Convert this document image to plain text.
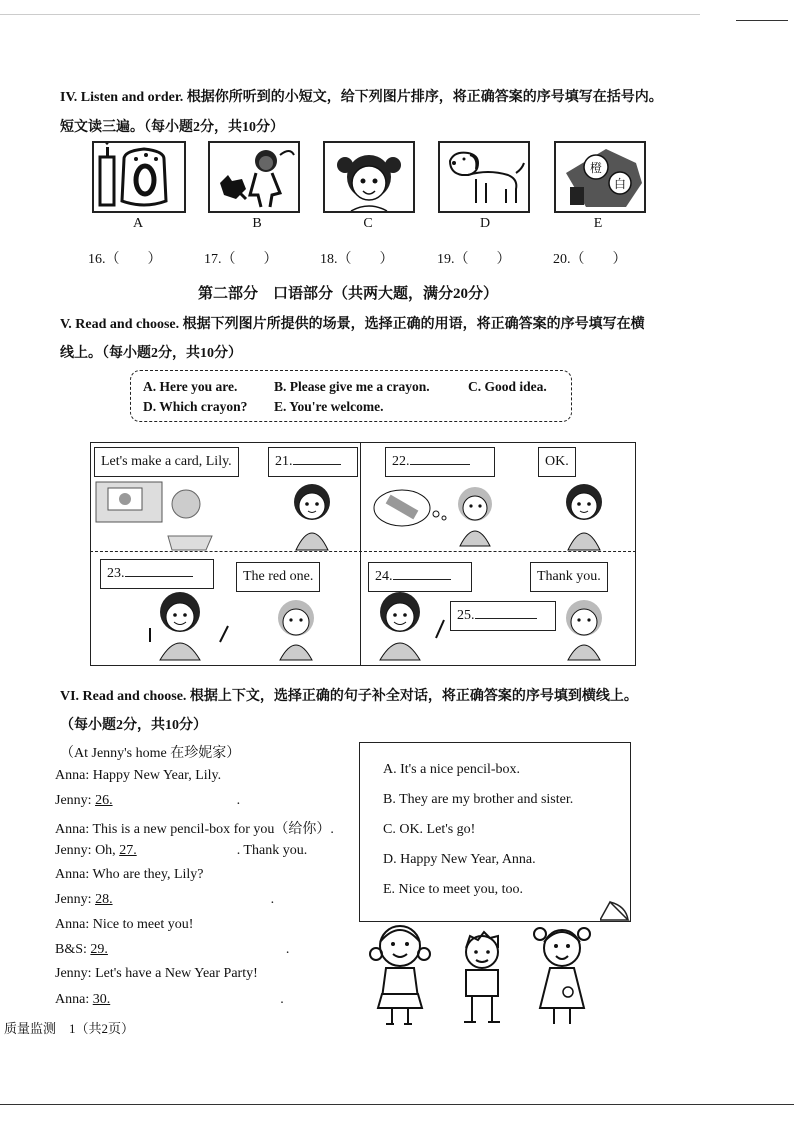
IV. Listen and order. 根据你所听到的小短文，给下列图片排序，将正确答案的序号填写在括号内。
短文读三遍。（每小题2分，共10分）
A	B	C	D
橙
白
E
16.（　　）	17.（　　）	18.（　　）	19.（　　）	20.（　　）
第二部分　口语部分（共两大题，满分20分）
V. Read and choose. 根据下列图片所提供的场景，选择正确的用语，将正确答案的序号填写在横
线上。（每小题2分，共10分）
A. Here you are.	B. Please give me a crayon.	C. Good idea.
D. Which crayon? E. You're welcome.
Let's make a card, Lily.	21.	22.	OK.
23.	The red one.	24.	Thank you.
25.
VI. Read and choose. 根据上下文，选择正确的句子补全对话，将正确答案的序号填到横线上。
（每小题2分，共10分）
（At Jenny's home 在珍妮家）
Anna: Happy New Year, Lily.
Jenny: 26.	.
Anna: This is a new pencil-box for you（给你）.
Jenny: Oh, 27.	. Thank you.
Anna: Who are they, Lily?
Jenny: 28.	.
Anna: Nice to meet you!
B&S: 29.	.
Jenny: Let's have a New Year Party!
Anna: 30.	.
A. It's a nice pencil-box.
B. They are my brother and sister.
C. OK. Let's go!
D. Happy New Year, Anna.
E. Nice to meet you, too.
质量监测　1（共2页）
